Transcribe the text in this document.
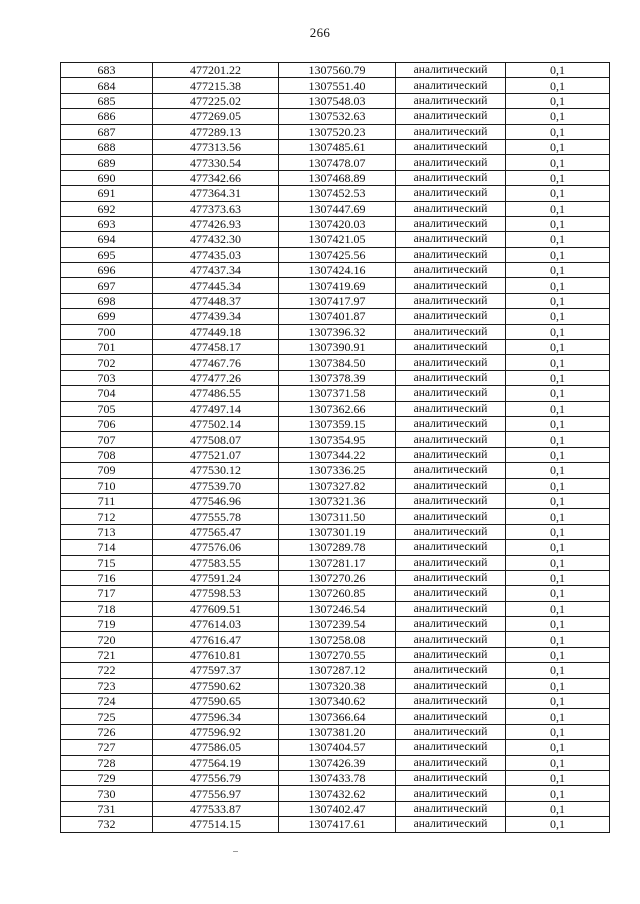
266
683	477201.22	1307560.79	аналитический	0,1
684	477215.38	1307551.40	аналитический	0,1
685	477225.02	1307548.03	аналитический	0,1
686	477269.05	1307532.63	аналитический	0,1
687	477289.13	1307520.23	аналитический	0,1
688	477313.56	1307485.61	аналитический	0,1
689	477330.54	1307478.07	аналитический	0,1
690	477342.66	1307468.89	аналитический	0,1
691	477364.31	1307452.53	аналитический	0,1
692	477373.63	1307447.69	аналитический	0,1
693	477426.93	1307420.03	аналитический	0,1
694	477432.30	1307421.05	аналитический	0,1
695	477435.03	1307425.56	аналитический	0,1
696	477437.34	1307424.16	аналитический	0,1
697	477445.34	1307419.69	аналитический	0,1
698	477448.37	1307417.97	аналитический	0,1
699	477439.34	1307401.87	аналитический	0,1
700	477449.18	1307396.32	аналитический	0,1
701	477458.17	1307390.91	аналитический	0,1
702	477467.76	1307384.50	аналитический	0,1
703	477477.26	1307378.39	аналитический	0,1
704	477486.55	1307371.58	аналитический	0,1
705	477497.14	1307362.66	аналитический	0,1
706	477502.14	1307359.15	аналитический	0,1
707	477508.07	1307354.95	аналитический	0,1
708	477521.07	1307344.22	аналитический	0,1
709	477530.12	1307336.25	аналитический	0,1
710	477539.70	1307327.82	аналитический	0,1
711	477546.96	1307321.36	аналитический	0,1
712	477555.78	1307311.50	аналитический	0,1
713	477565.47	1307301.19	аналитический	0,1
714	477576.06	1307289.78	аналитический	0,1
715	477583.55	1307281.17	аналитический	0,1
716	477591.24	1307270.26	аналитический	0,1
717	477598.53	1307260.85	аналитический	0,1
718	477609.51	1307246.54	аналитический	0,1
719	477614.03	1307239.54	аналитический	0,1
720	477616.47	1307258.08	аналитический	0,1
721	477610.81	1307270.55	аналитический	0,1
722	477597.37	1307287.12	аналитический	0,1
723	477590.62	1307320.38	аналитический	0,1
724	477590.65	1307340.62	аналитический	0,1
725	477596.34	1307366.64	аналитический	0,1
726	477596.92	1307381.20	аналитический	0,1
727	477586.05	1307404.57	аналитический	0,1
728	477564.19	1307426.39	аналитический	0,1
729	477556.79	1307433.78	аналитический	0,1
730	477556.97	1307432.62	аналитический	0,1
731	477533.87	1307402.47	аналитический	0,1
732	477514.15	1307417.61	аналитический	0,1
